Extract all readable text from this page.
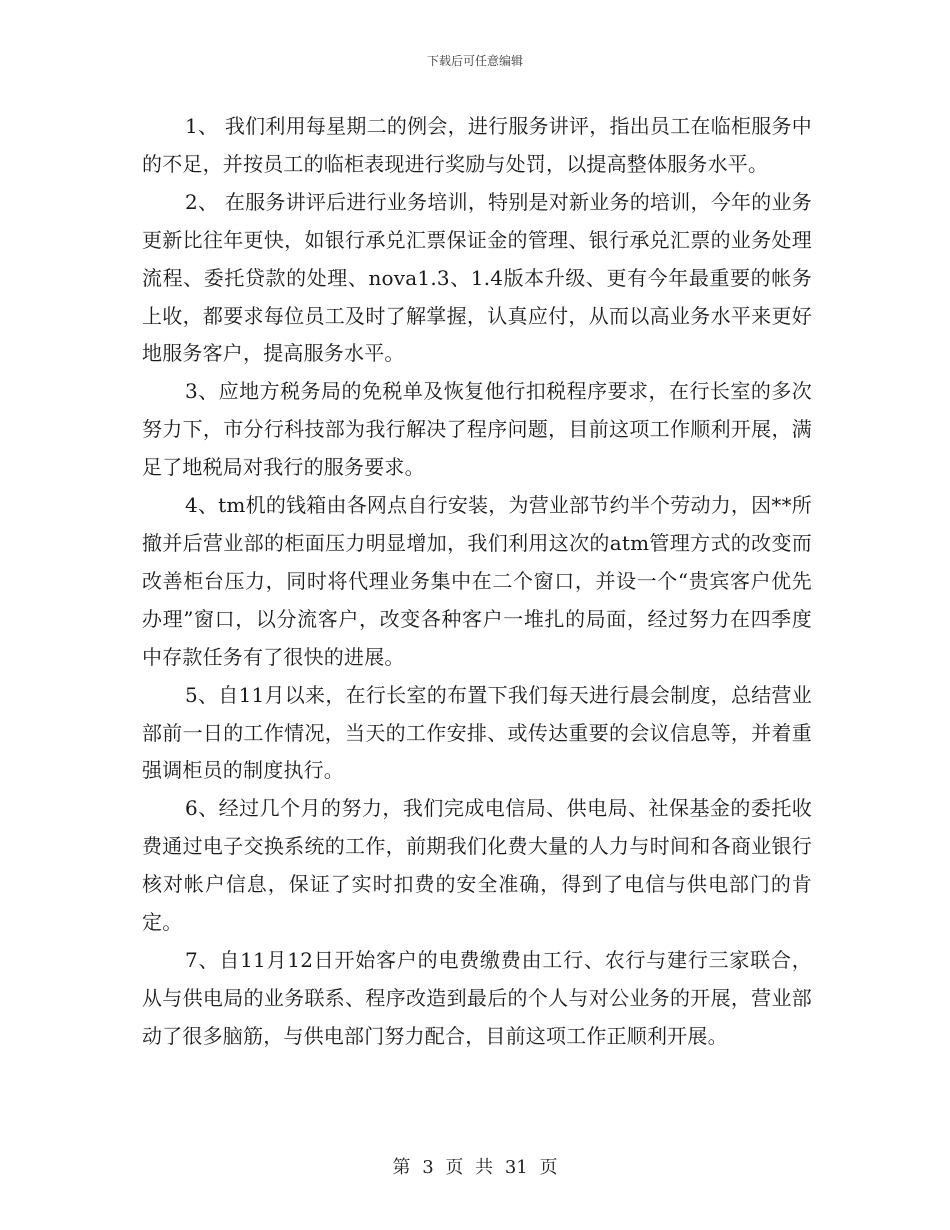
下载后可任意编辑

1、 我们利用每星期二的例会，进行服务讲评，指出员工在临柜服务中的不足，并按员工的临柜表现进行奖励与处罚，以提高整体服务水平。

2、 在服务讲评后进行业务培训，特别是对新业务的培训，今年的业务更新比往年更快，如银行承兑汇票保证金的管理、银行承兑汇票的业务处理流程、委托贷款的处理、nova1.3、1.4版本升级、更有今年最重要的帐务上收，都要求每位员工及时了解掌握，认真应付，从而以高业务水平来更好地服务客户，提高服务水平。

3、应地方税务局的免税单及恢复他行扣税程序要求，在行长室的多次努力下，市分行科技部为我行解决了程序问题，目前这项工作顺利开展，满足了地税局对我行的服务要求。

4、tm机的钱箱由各网点自行安装，为营业部节约半个劳动力，因**所撤并后营业部的柜面压力明显增加，我们利用这次的atm管理方式的改变而改善柜台压力，同时将代理业务集中在二个窗口，并设一个“贵宾客户优先办理”窗口，以分流客户，改变各种客户一堆扎的局面，经过努力在四季度中存款任务有了很快的进展。

5、自11月以来，在行长室的布置下我们每天进行晨会制度，总结营业部前一日的工作情况，当天的工作安排、或传达重要的会议信息等，并着重强调柜员的制度执行。

6、经过几个月的努力，我们完成电信局、供电局、社保基金的委托收费通过电子交换系统的工作，前期我们化费大量的人力与时间和各商业银行核对帐户信息，保证了实时扣费的安全准确，得到了电信与供电部门的肯定。

7、自11月12日开始客户的电费缴费由工行、农行与建行三家联合，从与供电局的业务联系、程序改造到最后的个人与对公业务的开展，营业部动了很多脑筋，与供电部门努力配合，目前这项工作正顺利开展。

第 3 页 共 31 页
